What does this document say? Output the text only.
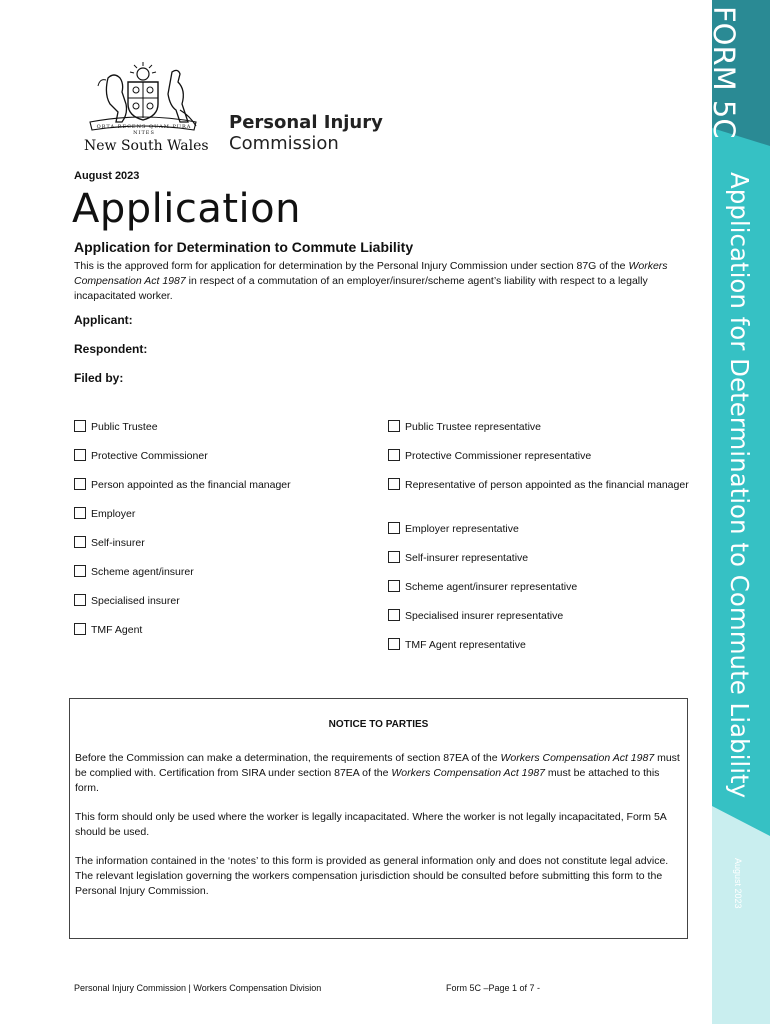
ORTA RECENS QUAM PURA NITES
New South Wales
Personal Injury
Commission
August 2023
Application
Application for Determination to Commute Liability
This is the approved form for application for determination by the Personal Injury Commission under section 87G of the Workers Compensation Act 1987 in respect of a commutation of an employer/insurer/scheme agent’s liability with respect to a legally incapacitated worker.
Applicant:
Respondent:
Filed by:
Public Trustee
Protective Commissioner
Person appointed as the financial manager
Employer
Self-insurer
Scheme agent/insurer
Specialised insurer
TMF Agent
Public Trustee representative
Protective Commissioner representative
Representative of person appointed as the financial manager
Employer representative
Self-insurer representative
Scheme agent/insurer representative
Specialised insurer representative
TMF Agent representative
NOTICE TO PARTIES
Before the Commission can make a determination, the requirements of section 87EA of the Workers Compensation Act 1987 must be complied with. Certification from SIRA under section 87EA of the Workers Compensation Act 1987 must be attached to this form.
This form should only be used where the worker is legally incapacitated. Where the worker is not legally incapacitated, Form 5A should be used.
The information contained in the ‘notes’ to this form is provided as general information only and does not constitute legal advice. The relevant legislation governing the workers compensation jurisdiction should be consulted before submitting this form to the Personal Injury Commission.
Personal Injury Commission | Workers Compensation Division	Form 5C –Page 1 of 7 -
FORM 5C
Application for Determination to Commute Liability
August 2023
